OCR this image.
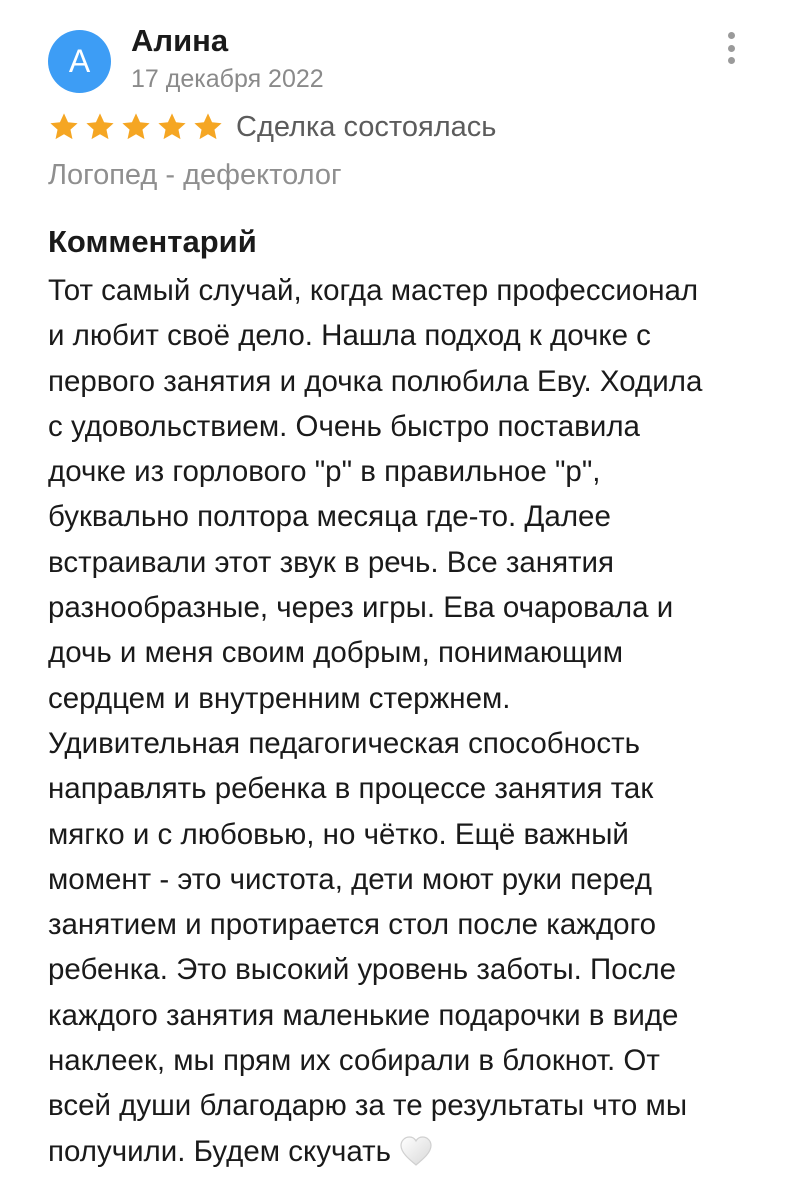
А
Алина
17 декабря 2022
Сделка состоялась
Логопед - дефектолог
Комментарий
Тот самый случай, когда мастер профессионал
и любит своё дело. Нашла подход к дочке с
первого занятия и дочка полюбила Еву. Ходила
с удовольствием. Очень быстро поставила
дочке из горлового "р" в правильное "р",
буквально полтора месяца где-то. Далее
встраивали этот звук в речь. Все занятия
разнообразные, через игры. Ева очаровала и
дочь и меня своим добрым, понимающим
сердцем и внутренним стержнем.
Удивительная педагогическая способность
направлять ребенка в процессе занятия так
мягко и с любовью, но чётко. Ещё важный
момент - это чистота, дети моют руки перед
занятием и протирается стол после каждого
ребенка. Это высокий уровень заботы. После
каждого занятия маленькие подарочки в виде
наклеек, мы прям их собирали в блокнот. От
всей души благодарю за те результаты что мы
получили. Будем скучать
